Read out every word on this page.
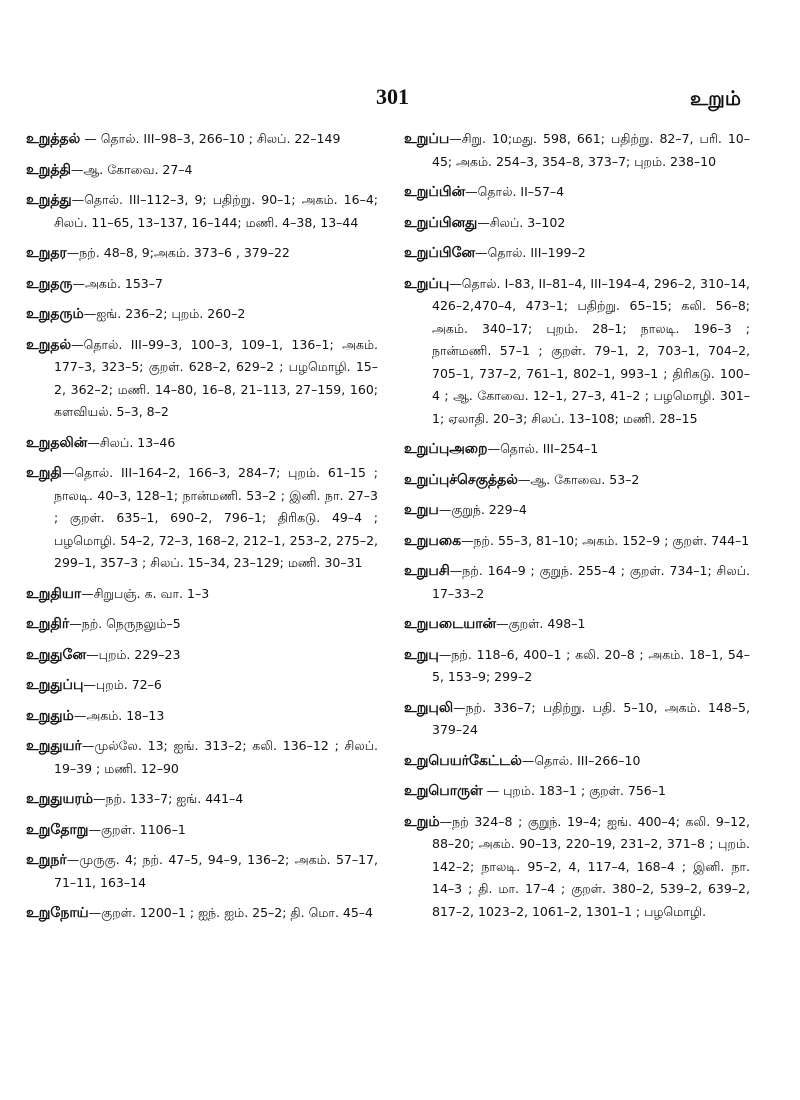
301	உறும்

உறுத்தல் — தொல். III–98–3, 266–10 ; சிலப். 22–149

உறுத்தி—ஆ. கோவை. 27–4

உறுத்து—தொல். III–112–3, 9; பதிற்று. 90–1; அகம். 16–4; சிலப். 11–65, 13–137, 16–144; மணி. 4–38, 13–44

உறுதர—நற். 48–8, 9;அகம். 373–6 , 379–22

உறுதரு—அகம். 153–7

உறுதரும்—ஐங். 236–2; புறம். 260–2

உறுதல்—தொல். III–99–3, 100–3, 109–1, 136–1; அகம். 177–3, 323–5; குறள். 628–2, 629–2 ; பழமொழி. 15–2, 362–2; மணி. 14–80, 16–8, 21–113, 27–159, 160; களவியல். 5–3, 8–2

உறுதலின்—சிலப். 13–46

உறுதி—தொல். III–164–2, 166–3, 284–7; புறம். 61–15 ; நாலடி. 40–3, 128–1; நான்மணி. 53–2 ; இனி. நா. 27–3 ; குறள். 635–1, 690–2, 796–1; திரிகடு. 49–4 ; பழமொழி. 54–2, 72–3, 168–2, 212–1, 253–2, 275–2, 299–1, 357–3 ; சிலப். 15–34, 23–129; மணி. 30–31

உறுதியா—சிறுபஞ். க. வா. 1–3

உறுதிர்—நற். நெருநலும்–5

உறுதுனே—புறம். 229–23

உறுதுப்பு—புறம். 72–6

உறுதும்—அகம். 18–13

உறுதுயர்—முல்லே. 13; ஐங். 313–2; கலி. 136–12 ; சிலப். 19–39 ; மணி. 12–90

உறுதுயரம்—நற். 133–7; ஐங். 441–4

உறுதோறு—குறள். 1106–1

உறுநர்—முருகு. 4; நற். 47–5, 94–9, 136–2; அகம். 57–17, 71–11, 163–14

உறுநோய்—குறள். 1200–1 ; ஐந். ஐம். 25–2; தி. மொ. 45–4

உறுப்ப—சிறு. 10;மது. 598, 661; பதிற்று. 82–7, பரி. 10–45; அகம். 254–3, 354–8, 373–7; புறம். 238–10

உறுப்பின்—தொல். II–57–4

உறுப்பினது—சிலப். 3–102

உறுப்பினே—தொல். III–199–2

உறுப்பு—தொல். I–83, II–81–4, III–194–4, 296–2, 310–14, 426–2,470–4, 473–1; பதிற்று. 65–15; கலி. 56–8; அகம். 340–17; புறம். 28–1; நாலடி. 196–3 ; நான்மணி. 57–1 ; குறள். 79–1, 2, 703–1, 704–2, 705–1, 737–2, 761–1, 802–1, 993–1 ; திரிகடு. 100–4 ; ஆ. கோவை. 12–1, 27–3, 41–2 ; பழமொழி. 301–1; ஏலாதி. 20–3; சிலப். 13–108; மணி. 28–15

உறுப்புஅறை—தொல். III–254–1

உறுப்புச்செகுத்தல்—ஆ. கோவை. 53–2

உறுப—குறுந். 229–4

உறுபகை—நற். 55–3, 81–10; அகம். 152–9 ; குறள். 744–1

உறுபசி—நற். 164–9 ; குறுந். 255–4 ; குறள். 734–1; சிலப். 17–33–2

உறுபடையான்—குறள். 498–1

உறுபு—நற். 118–6, 400–1 ; கலி. 20–8 ; அகம். 18–1, 54–5, 153–9; 299–2

உறுபுலி—நற். 336–7; பதிற்று. பதி. 5–10, அகம். 148–5, 379–24

உறுபெயர்கேட்டல்—தொல். III–266–10

உறுபொருள் — புறம். 183–1 ; குறள். 756–1

உறும்—நற் 324–8 ; குறுந். 19–4; ஐங். 400–4; கலி. 9–12, 88–20; அகம். 90–13, 220–19, 231–2, 371–8 ; புறம். 142–2; நாலடி. 95–2, 4, 117–4, 168–4 ; இனி. நா. 14–3 ; தி. மா. 17–4 ; குறள். 380–2, 539–2, 639–2, 817–2, 1023–2, 1061–2, 1301–1 ; பழமொழி.
